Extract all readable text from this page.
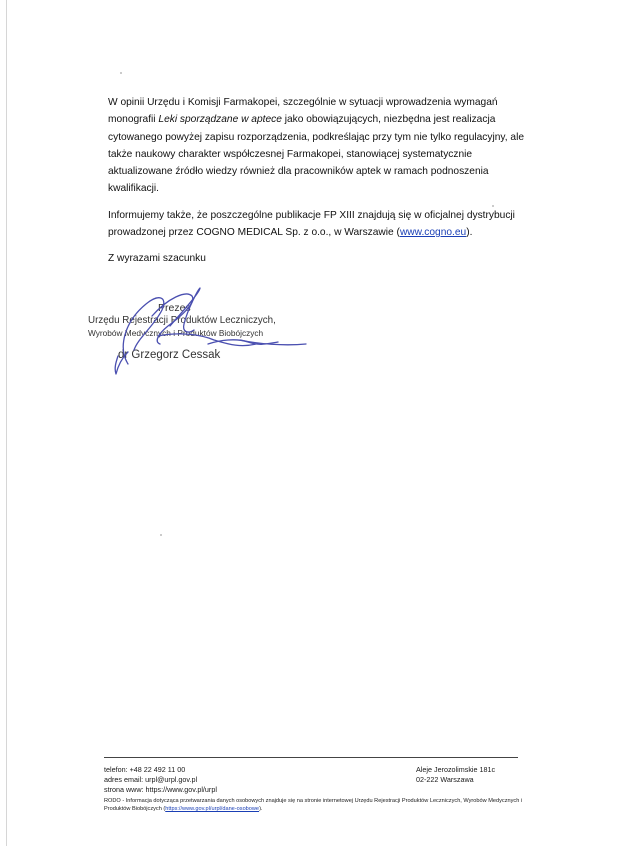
W opinii Urzędu i Komisji Farmakopei, szczególnie w sytuacji wprowadzenia wymagań monografii Leki sporządzane w aptece jako obowiązujących, niezbędna jest realizacja cytowanego powyżej zapisu rozporządzenia, podkreślając przy tym nie tylko regulacyjny, ale także naukowy charakter współczesnej Farmakopei, stanowiącej systematycznie aktualizowane źródło wiedzy również dla pracowników aptek w ramach podnoszenia kwalifikacji.

Informujemy także, że poszczególne publikacje FP XIII znajdują się w oficjalnej dystrybucji prowadzonej przez COGNO MEDICAL Sp. z o.o., w Warszawie (www.cogno.eu).

Z wyrazami szacunku

Prezes
Urzędu Rejestracji Produktów Leczniczych,
Wyrobów Medycznych i Produktów Biobójczych
dr Grzegorz Cessak
telefon: +48 22 492 11 00
adres email: urpl@urpl.gov.pl
strona www: https://www.gov.pl/urpl
Aleje Jerozolimskie 181c
02-222 Warszawa
RODO - Informacja dotycząca przetwarzania danych osobowych znajduje się na stronie internetowej Urzędu Rejestracji Produktów Leczniczych, Wyrobów Medycznych i Produktów Biobójczych (https://www.gov.pl/urpl/dane-osobowe).
